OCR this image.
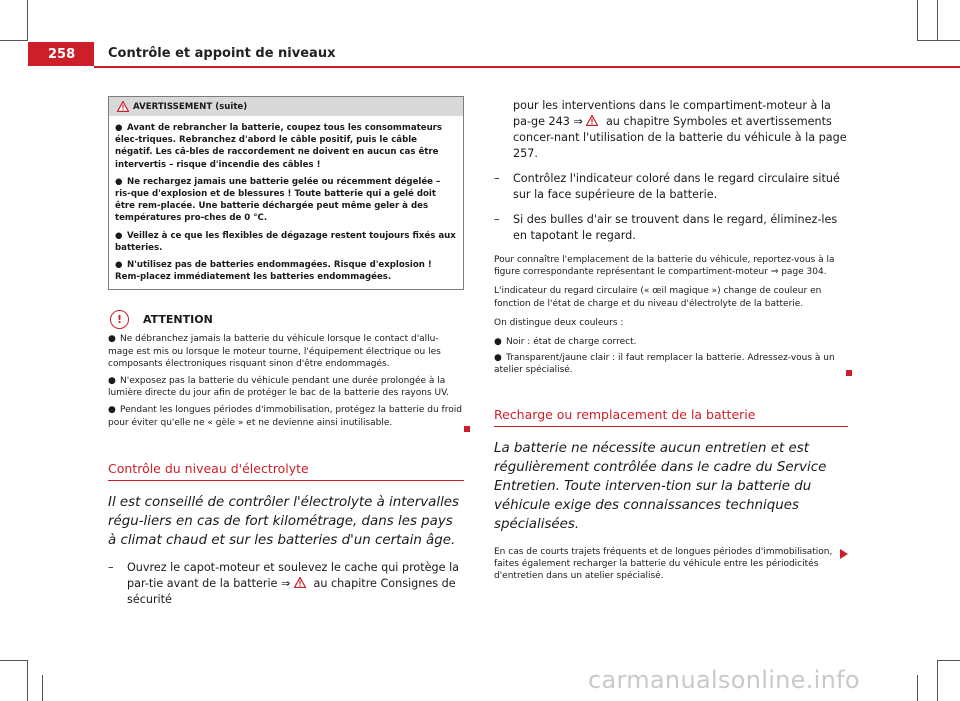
258	Contrôle et appoint de niveaux
AVERTISSEMENT (suite)

● Avant de rebrancher la batterie, coupez tous les consommateurs élec-triques. Rebranchez d'abord le câble positif, puis le câble négatif. Les câ-bles de raccordement ne doivent en aucun cas être intervertis – risque d'incendie des câbles !

● Ne rechargez jamais une batterie gelée ou récemment dégelée – ris-que d'explosion et de blessures ! Toute batterie qui a gelé doit être rem-placée. Une batterie déchargée peut même geler à des températures pro-ches de 0 °C.

● Veillez à ce que les flexibles de dégazage restent toujours fixés aux batteries.

● N'utilisez pas de batteries endommagées. Risque d'explosion ! Rem-placez immédiatement les batteries endommagées.

!	ATTENTION

● Ne débranchez jamais la batterie du véhicule lorsque le contact d'allu-mage est mis ou lorsque le moteur tourne, l'équipement électrique ou les composants électroniques risquant sinon d'être endommagés.

● N'exposez pas la batterie du véhicule pendant une durée prolongée à la lumière directe du jour afin de protéger le bac de la batterie des rayons UV.

● Pendant les longues périodes d'immobilisation, protégez la batterie du froid pour éviter qu'elle ne « gèle » et ne devienne ainsi inutilisable.

Contrôle du niveau d'électrolyte

Il est conseillé de contrôler l'électrolyte à intervalles régu-liers en cas de fort kilométrage, dans les pays à climat chaud et sur les batteries d'un certain âge.

–	Ouvrez le capot-moteur et soulevez le cache qui protège la par-tie avant de la batterie ⇒ au chapitre Consignes de sécurité
pour les interventions dans le compartiment-moteur à la pa-ge 243 ⇒ au chapitre Symboles et avertissements concer-nant l'utilisation de la batterie du véhicule à la page 257.
–	Contrôlez l'indicateur coloré dans le regard circulaire situé sur la face supérieure de la batterie.
–	Si des bulles d'air se trouvent dans le regard, éliminez-les en tapotant le regard.

Pour connaître l'emplacement de la batterie du véhicule, reportez-vous à la figure correspondante représentant le compartiment-moteur ⇒ page 304.

L'indicateur du regard circulaire (« œil magique ») change de couleur en fonction de l'état de charge et du niveau d'électrolyte de la batterie.

On distingue deux couleurs :

● Noir : état de charge correct.

● Transparent/jaune clair : il faut remplacer la batterie. Adressez-vous à un atelier spécialisé.

Recharge ou remplacement de la batterie

La batterie ne nécessite aucun entretien et est régulièrement contrôlée dans le cadre du Service Entretien. Toute interven-tion sur la batterie du véhicule exige des connaissances techniques spécialisées.

En cas de courts trajets fréquents et de longues périodes d'immobilisation, faites également recharger la batterie du véhicule entre les périodicités d'entretien dans un atelier spécialisé.

carmanualsonline.info
